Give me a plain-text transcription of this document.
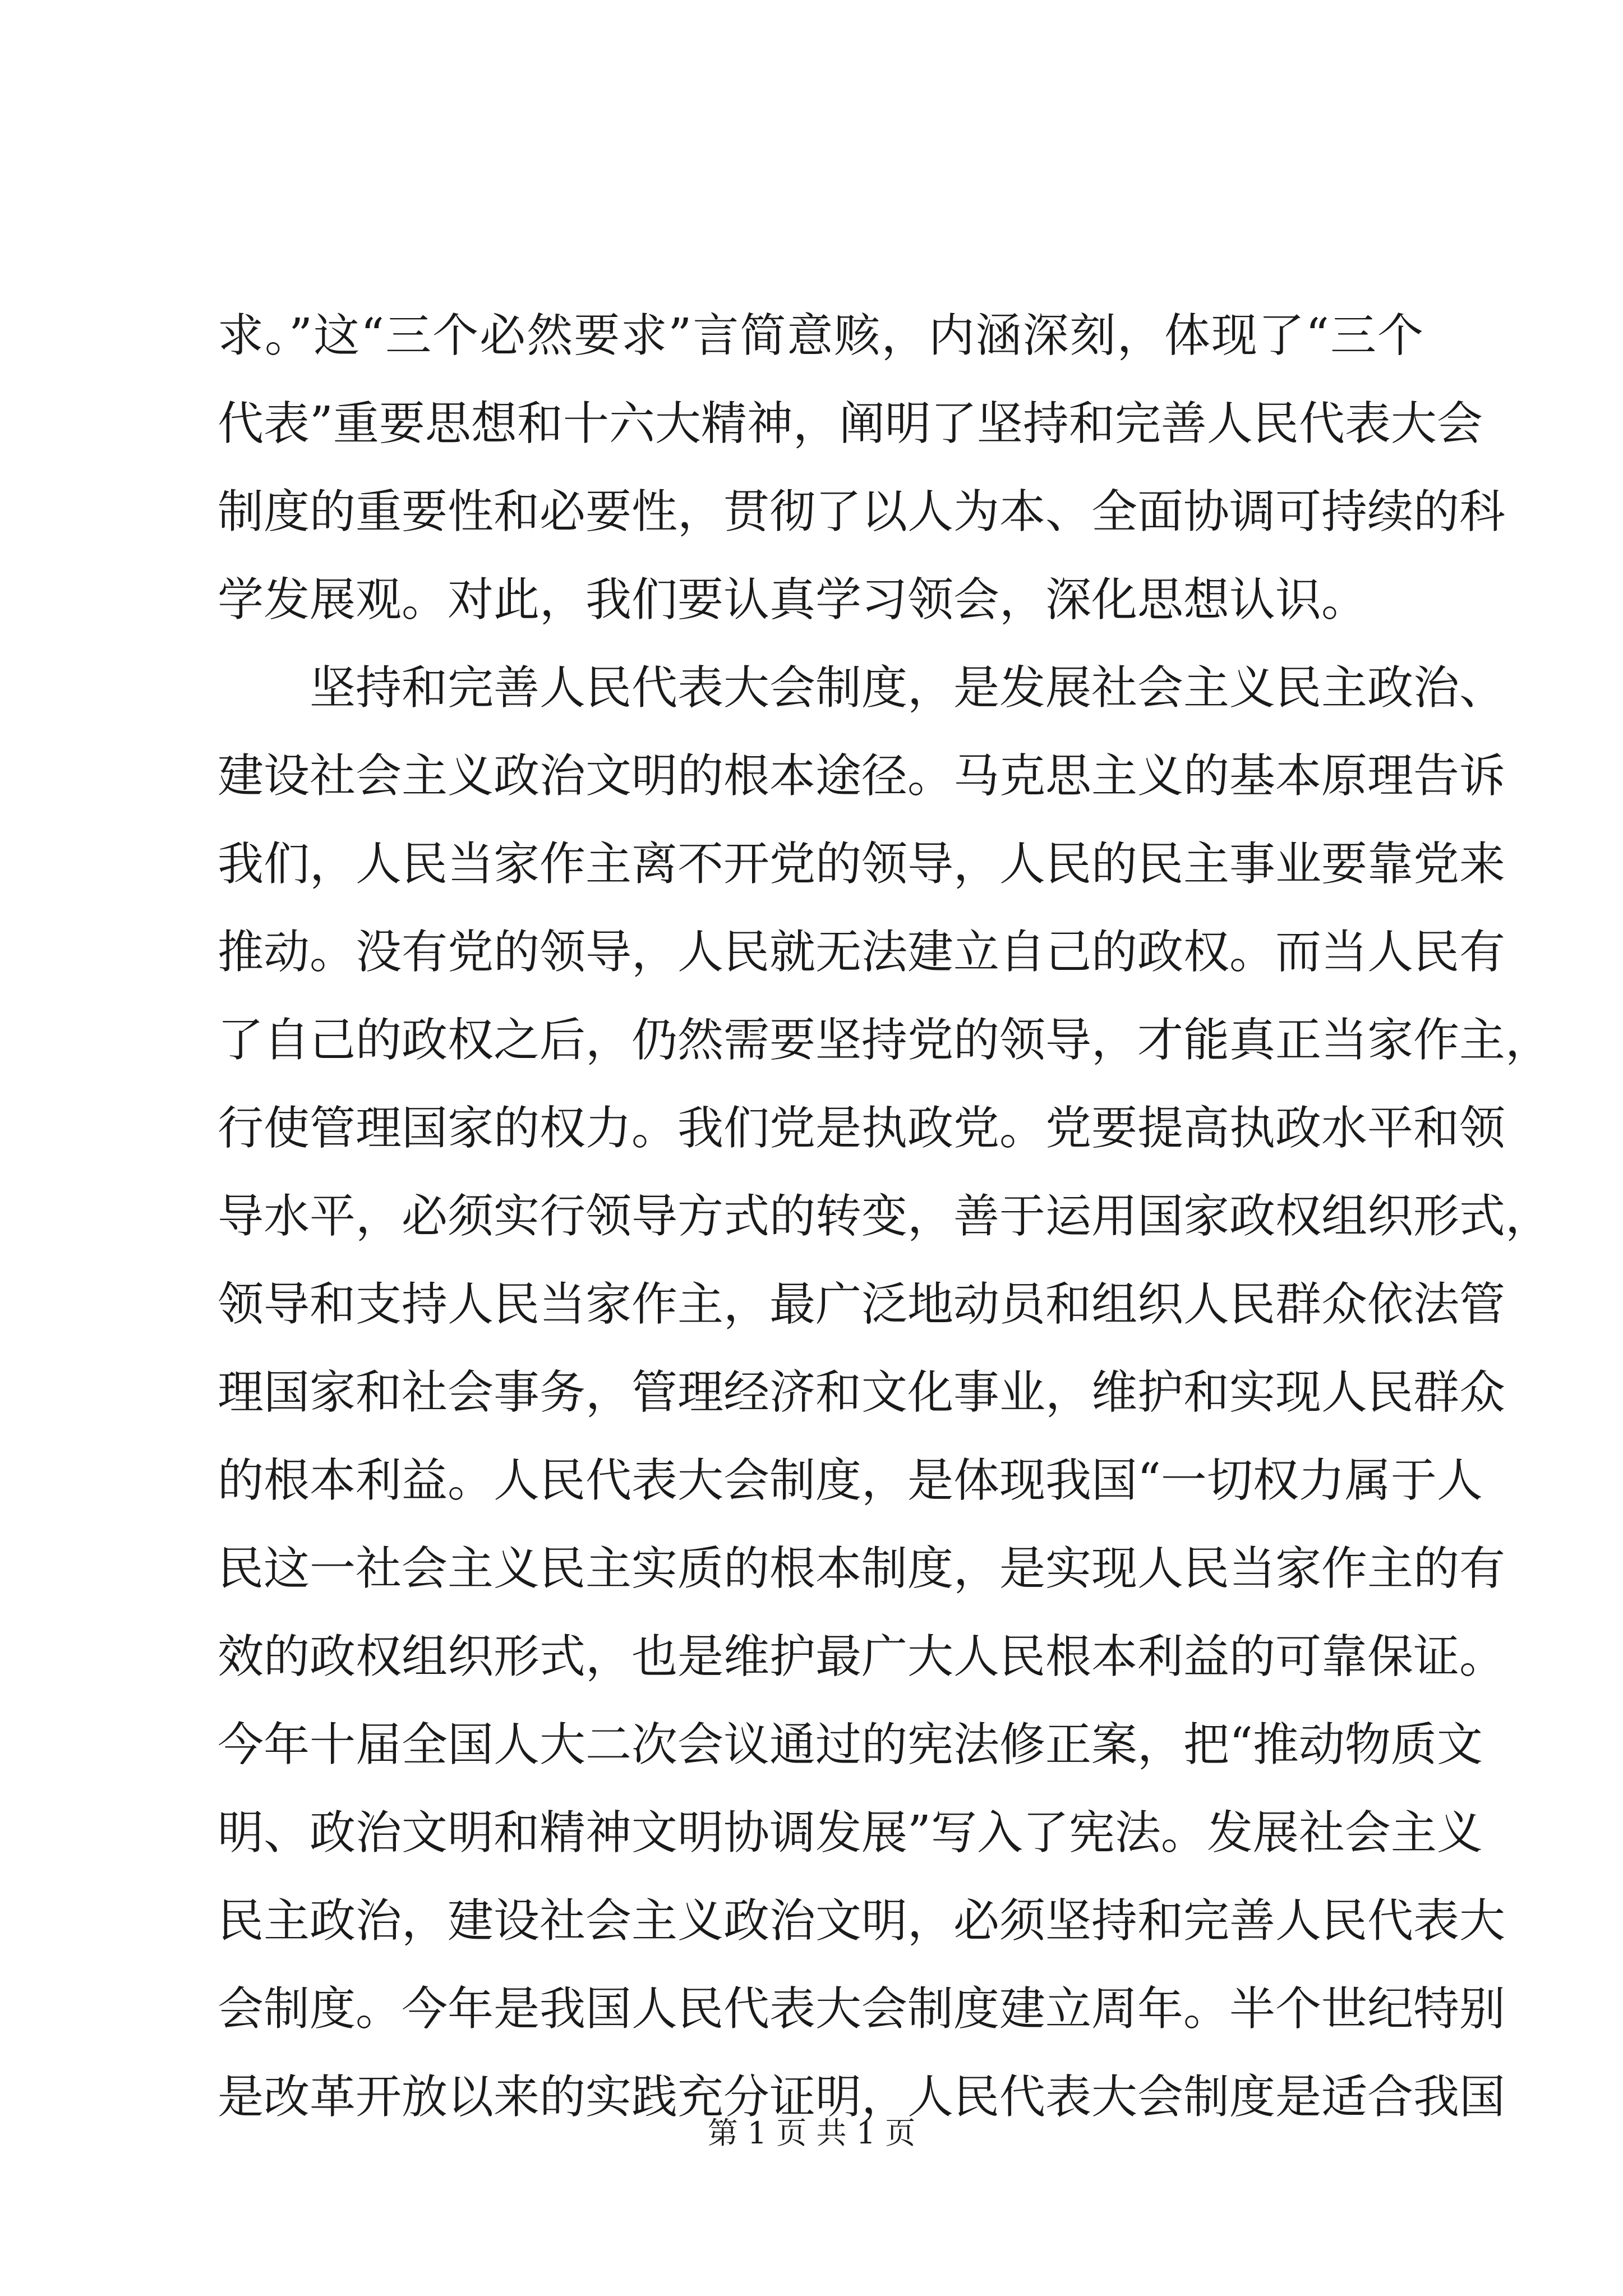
求。”这“三个必然要求”言简意赅，内涵深刻，体现了“三个
代表”重要思想和十六大精神，阐明了坚持和完善人民代表大会
制度的重要性和必要性，贯彻了以人为本、全面协调可持续的科
学发展观。对此，我们要认真学习领会，深化思想认识。
坚持和完善人民代表大会制度，是发展社会主义民主政治、
建设社会主义政治文明的根本途径。马克思主义的基本原理告诉
我们，人民当家作主离不开党的领导，人民的民主事业要靠党来
推动。没有党的领导，人民就无法建立自己的政权。而当人民有
了自己的政权之后，仍然需要坚持党的领导，才能真正当家作主，
行使管理国家的权力。我们党是执政党。党要提高执政水平和领
导水平，必须实行领导方式的转变，善于运用国家政权组织形式，
领导和支持人民当家作主，最广泛地动员和组织人民群众依法管
理国家和社会事务，管理经济和文化事业，维护和实现人民群众
的根本利益。人民代表大会制度，是体现我国“一切权力属于人
民这一社会主义民主实质的根本制度，是实现人民当家作主的有
效的政权组织形式，也是维护最广大人民根本利益的可靠保证。
今年十届全国人大二次会议通过的宪法修正案，把“推动物质文
明、政治文明和精神文明协调发展”写入了宪法。发展社会主义
民主政治，建设社会主义政治文明，必须坚持和完善人民代表大
会制度。今年是我国人民代表大会制度建立周年。半个世纪特别
是改革开放以来的实践充分证明，人民代表大会制度是适合我国
第 1 页 共 1 页
